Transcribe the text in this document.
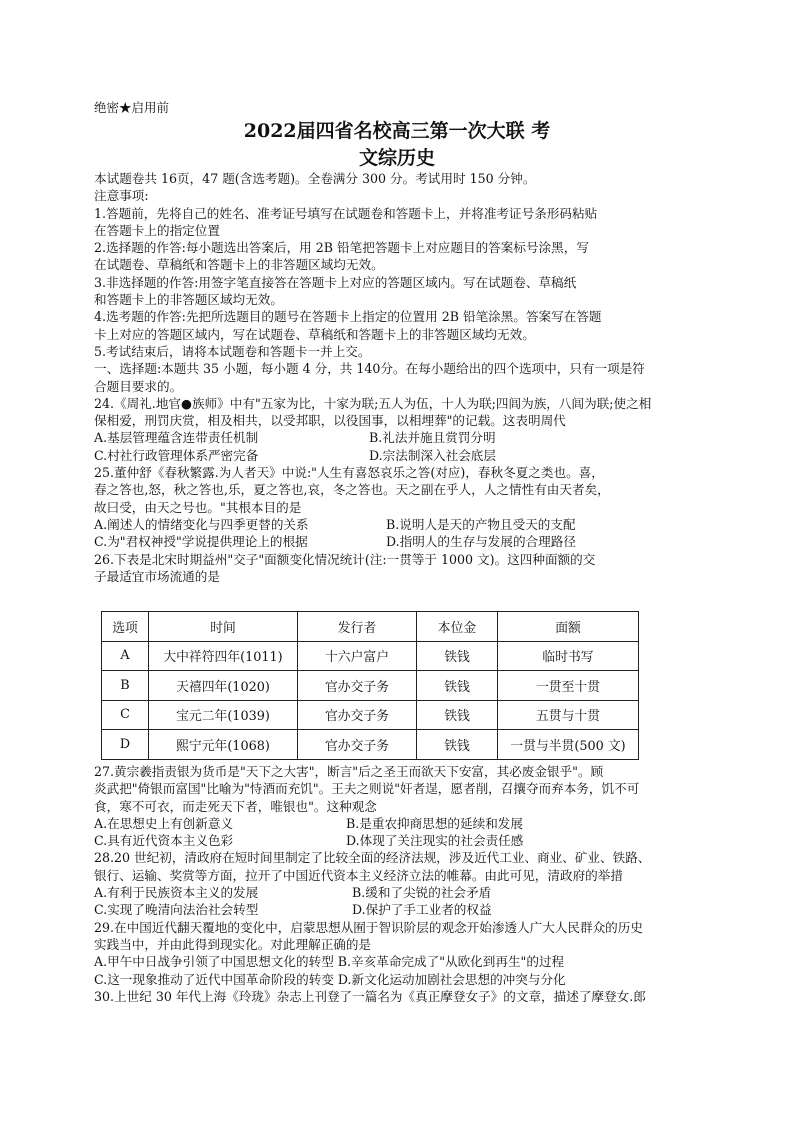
绝密★启用前
2022届四省名校高三第一次大联 考
文综历史
本试题卷共 16页，47 题(含选考题)。全卷满分 300 分。考试用时 150 分钟。
注意事项:
1.答题前，先将自己的姓名、准考证号填写在试题卷和答题卡上，并将准考证号条形码粘贴
在答题卡上的指定位置
2.选择题的作答:每小题选出答案后，用 2B 铅笔把答题卡上对应题目的答案标号涂黑，写
在试题卷、草稿纸和答题卡上的非答题区域均无效。
3.非选择题的作答:用签字笔直接答在答题卡上对应的答题区域内。写在试题卷、草稿纸
和答题卡上的非答题区域均无效。
4.选考题的作答:先把所选题目的题号在答题卡上指定的位置用 2B 铅笔涂黑。答案写在答题
卡上对应的答题区域内，写在试题卷、草稿纸和答题卡上的非答题区域均无效。
5.考试结束后，请将本试题卷和答题卡一并上交。
一、选择题:本题共 35 小题，每小题 4 分，共 140分。在每小题给出的四个选项中，只有一项是符
合题目要求的。
24.《周礼.地官●族师》中有"五家为比，十家为联;五人为伍，十人为联;四闾为族，八闾为联;使之相
保相爱，刑罚庆赏，相及相共，以受邦职，以役国事，以相埋葬"的记载。这表明周代
A.基层管理蕴含连带责任机制	B.礼法并施且赏罚分明
C.村社行政管理体系严密完备	D.宗法制深入社会底层
25.董仲舒《春秋繁露.为人者天》中说:"人生有喜怒哀乐之答(对应)，春秋冬夏之类也。喜，
春之答也,怒，秋之答也,乐，夏之答也,哀，冬之答也。天之副在乎人，人之情性有由天者矣，
故曰受，由天之号也。"其根本目的是
A.阐述人的情绪变化与四季更替的关系	B.说明人是天的产物且受天的支配
C.为"君权神授"学说提供理论上的根据	D.指明人的生存与发展的合理路径
26.下表是北宋时期益州"交子"面额变化情况统计(注:一贯等于 1000 文)。这四种面额的交
子最适宜市场流通的是
选项	时间	发行者	本位金	面额
A	大中祥符四年(1011)	十六户富户	铁钱	临时书写
B	天禧四年(1020)	官办交子务	铁钱	一贯至十贯
C	宝元二年(1039)	官办交子务	铁钱	五贯与十贯
D	熙宁元年(1068)	官办交子务	铁钱	一贯与半贯(500 文)
27.黄宗羲指责银为货币是"天下之大害"，断言"后之圣王而欲天下安富，其必废金银乎"。顾
炎武把"倚银而富国"比喻为"恃酒而充饥"。王夫之则说"奸者逞，愿者削，召攘夺而弃本务，饥不可
食，寒不可衣，而走死天下者，唯银也"。这种观念
A.在思想史上有创新意义	B.是重农抑商思想的延续和发展
C.具有近代资本主义色彩	D.体现了关注现实的社会责任感
28.20 世纪初，清政府在短时间里制定了比较全面的经济法规，涉及近代工业、商业、矿业、铁路、
银行、运输、奖赏等方面，拉开了中国近代资本主义经济立法的帷幕。由此可见，清政府的举措
A.有利于民族资本主义的发展	B.缓和了尖锐的社会矛盾
C.实现了晚清向法治社会转型	D.保护了手工业者的权益
29.在中国近代翻天覆地的变化中，启蒙思想从囿于智识阶层的观念开始渗透人广大人民群众的历史
实践当中，并由此得到现实化。对此理解正确的是
A.甲午中日战争引领了中国思想文化的转型 B.辛亥革命完成了"从欧化到再生"的过程
C.这一现象推动了近代中国革命阶段的转变 D.新文化运动加剧社会思想的冲突与分化
30.上世纪 30 年代上海《玲珑》杂志上刊登了一篇名为《真正摩登女子》的文章，描述了摩登女.郎
